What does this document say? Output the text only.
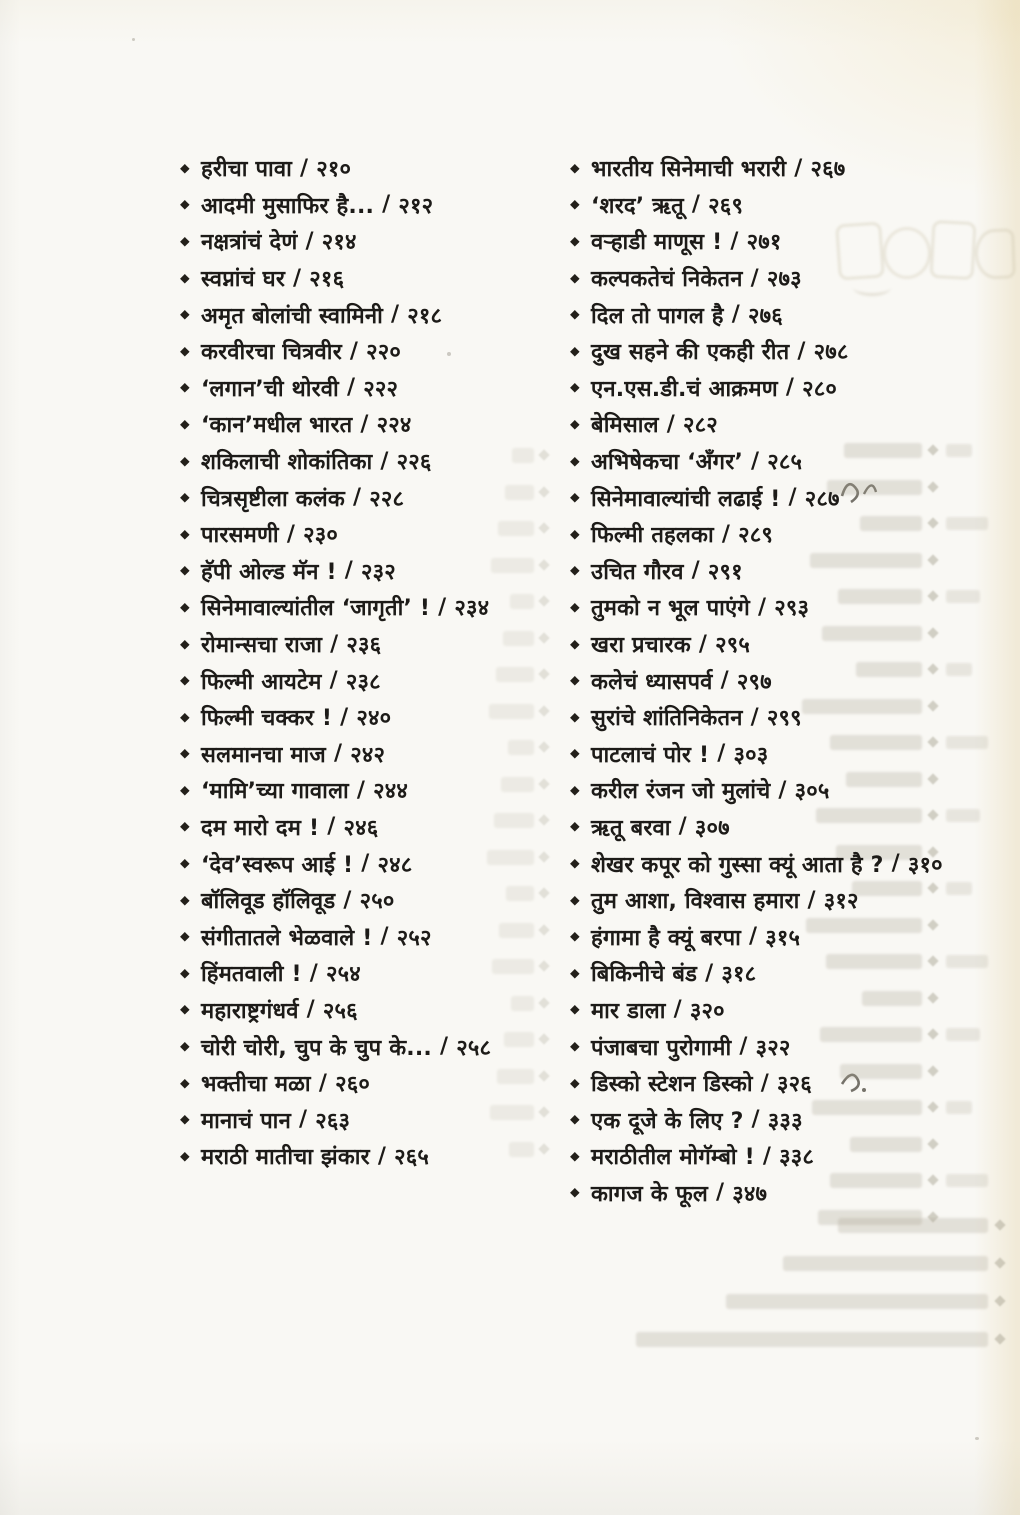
◆ हरीचा पावा / २१०
◆ आदमी मुसाफिर है... / २१२
◆ नक्षत्रांचं देणं / २१४
◆ स्वप्नांचं घर / २१६
◆ अमृत बोलांची स्वामिनी / २१८
◆ करवीरचा चित्रवीर / २२०
◆ ‘लगान’ची थोरवी / २२२
◆ ‘कान’मधील भारत / २२४
◆ शकिलाची शोकांतिका / २२६
◆ चित्रसृष्टीला कलंक / २२८
◆ पारसमणी / २३०
◆ हॅपी ओल्ड मॅन ! / २३२
◆ सिनेमावाल्यांतील ‘जागृती’ ! / २३४
◆ रोमान्सचा राजा / २३६
◆ फिल्मी आयटेम / २३८
◆ फिल्मी चक्कर ! / २४०
◆ सलमानचा माज / २४२
◆ ‘मामि’च्या गावाला / २४४
◆ दम मारो दम ! / २४६
◆ ‘देव’स्वरूप आई ! / २४८
◆ बॉलिवूड हॉलिवूड / २५०
◆ संगीतातले भेळवाले ! / २५२
◆ हिंमतवाली ! / २५४
◆ महाराष्ट्रगंधर्व / २५६
◆ चोरी चोरी, चुप के चुप के... / २५८
◆ भक्तीचा मळा / २६०
◆ मानाचं पान / २६३
◆ मराठी मातीचा झंकार / २६५
◆ भारतीय सिनेमाची भरारी / २६७
◆ ‘शरद’ ऋतू / २६९
◆ वऱ्हाडी माणूस ! / २७१
◆ कल्पकतेचं निकेतन / २७३
◆ दिल तो पागल है / २७६
◆ दुख सहने की एकही रीत / २७८
◆ एन.एस.डी.चं आक्रमण / २८०
◆ बेमिसाल / २८२
◆ अभिषेकचा ‘अँगर’ / २८५
◆ सिनेमावाल्यांची लढाई ! / २८७
◆ फिल्मी तहलका / २८९
◆ उचित गौरव / २९१
◆ तुमको न भूल पाएंगे / २९३
◆ खरा प्रचारक / २९५
◆ कलेचं ध्यासपर्व / २९७
◆ सुरांचे शांतिनिकेतन / २९९
◆ पाटलाचं पोर ! / ३०३
◆ करील रंजन जो मुलांचे / ३०५
◆ ऋतू बरवा / ३०७
◆ शेखर कपूर को गुस्सा क्यूं आता है ? / ३१०
◆ तुम आशा, विश्वास हमारा / ३१२
◆ हंगामा है क्यूं बरपा / ३१५
◆ बिकिनीचे बंड / ३१८
◆ मार डाला / ३२०
◆ पंजाबचा पुरोगामी / ३२२
◆ डिस्को स्टेशन डिस्को / ३२६
◆ एक दूजे के लिए ? / ३३३
◆ मराठीतील मोगॅम्बो ! / ३३८
◆ कागज के फूल / ३४७
